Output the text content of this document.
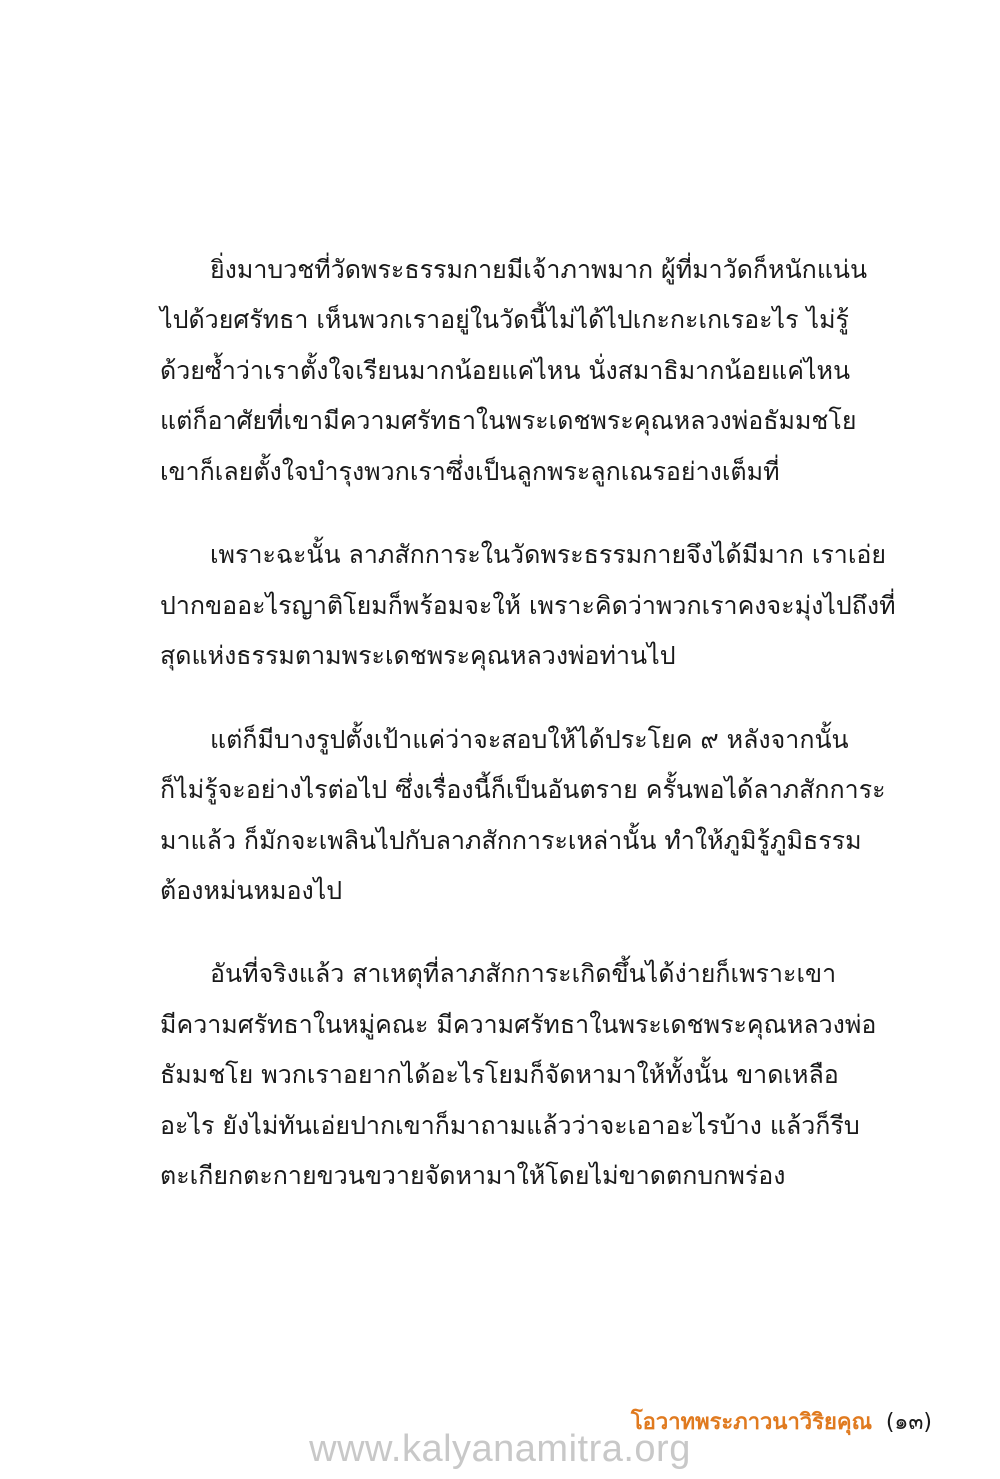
ยิ่งมาบวชที่วัดพระธรรมกายมีเจ้าภาพมาก ผู้ที่มาวัดก็หนักแน่น
ไปด้วยศรัทธา เห็นพวกเราอยู่ในวัดนี้ไม่ได้ไปเกะกะเกเรอะไร ไม่รู้
ด้วยซ้ำว่าเราตั้งใจเรียนมากน้อยแค่ไหน นั่งสมาธิมากน้อยแค่ไหน
แต่ก็อาศัยที่เขามีความศรัทธาในพระเดชพระคุณหลวงพ่อธัมมชโย
เขาก็เลยตั้งใจบำรุงพวกเราซึ่งเป็นลูกพระลูกเณรอย่างเต็มที่
เพราะฉะนั้น ลาภสักการะในวัดพระธรรมกายจึงได้มีมาก เราเอ่ย
ปากขออะไรญาติโยมก็พร้อมจะให้ เพราะคิดว่าพวกเราคงจะมุ่งไปถึงที่
สุดแห่งธรรมตามพระเดชพระคุณหลวงพ่อท่านไป
แต่ก็มีบางรูปตั้งเป้าแค่ว่าจะสอบให้ได้ประโยค ๙ หลังจากนั้น
ก็ไม่รู้จะอย่างไรต่อไป ซึ่งเรื่องนี้ก็เป็นอันตราย ครั้นพอได้ลาภสักการะ
มาแล้ว ก็มักจะเพลินไปกับลาภสักการะเหล่านั้น ทำให้ภูมิรู้ภูมิธรรม
ต้องหม่นหมองไป
อันที่จริงแล้ว สาเหตุที่ลาภสักการะเกิดขึ้นได้ง่ายก็เพราะเขา
มีความศรัทธาในหมู่คณะ มีความศรัทธาในพระเดชพระคุณหลวงพ่อ
ธัมมชโย พวกเราอยากได้อะไรโยมก็จัดหามาให้ทั้งนั้น ขาดเหลือ
อะไร ยังไม่ทันเอ่ยปากเขาก็มาถามแล้วว่าจะเอาอะไรบ้าง แล้วก็รีบ
ตะเกียกตะกายขวนขวายจัดหามาให้โดยไม่ขาดตกบกพร่อง
โอวาทพระภาวนาวิริยคุณ (๑๓)
www.kalyanamitra.org
